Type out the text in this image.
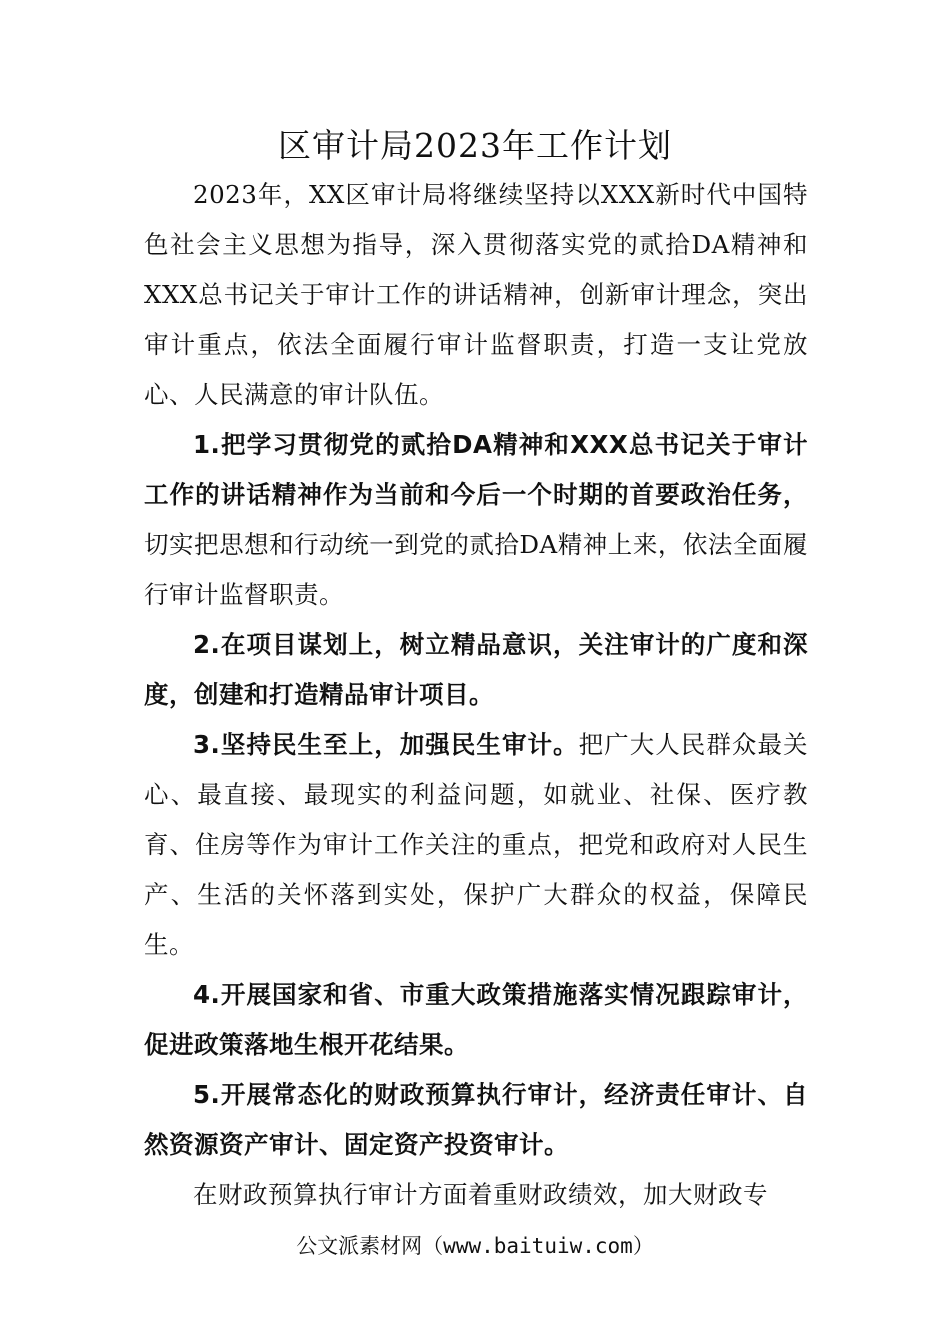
区审计局2023年工作计划

2023年，XX区审计局将继续坚持以XXX新时代中国特色社会主义思想为指导，深入贯彻落实党的贰拾DA精神和XXX总书记关于审计工作的讲话精神，创新审计理念，突出审计重点，依法全面履行审计监督职责，打造一支让党放心、人民满意的审计队伍。

1.把学习贯彻党的贰拾DA精神和XXX总书记关于审计工作的讲话精神作为当前和今后一个时期的首要政治任务，切实把思想和行动统一到党的贰拾DA精神上来，依法全面履行审计监督职责。

2.在项目谋划上，树立精品意识，关注审计的广度和深度，创建和打造精品审计项目。

3.坚持民生至上，加强民生审计。把广大人民群众最关心、最直接、最现实的利益问题，如就业、社保、医疗教育、住房等作为审计工作关注的重点，把党和政府对人民生产、生活的关怀落到实处，保护广大群众的权益，保障民生。

4.开展国家和省、市重大政策措施落实情况跟踪审计，促进政策落地生根开花结果。

5.开展常态化的财政预算执行审计，经济责任审计、自然资源资产审计、固定资产投资审计。

在财政预算执行审计方面着重财政绩效，加大财政专

公文派素材网（www.baituiw.com）
